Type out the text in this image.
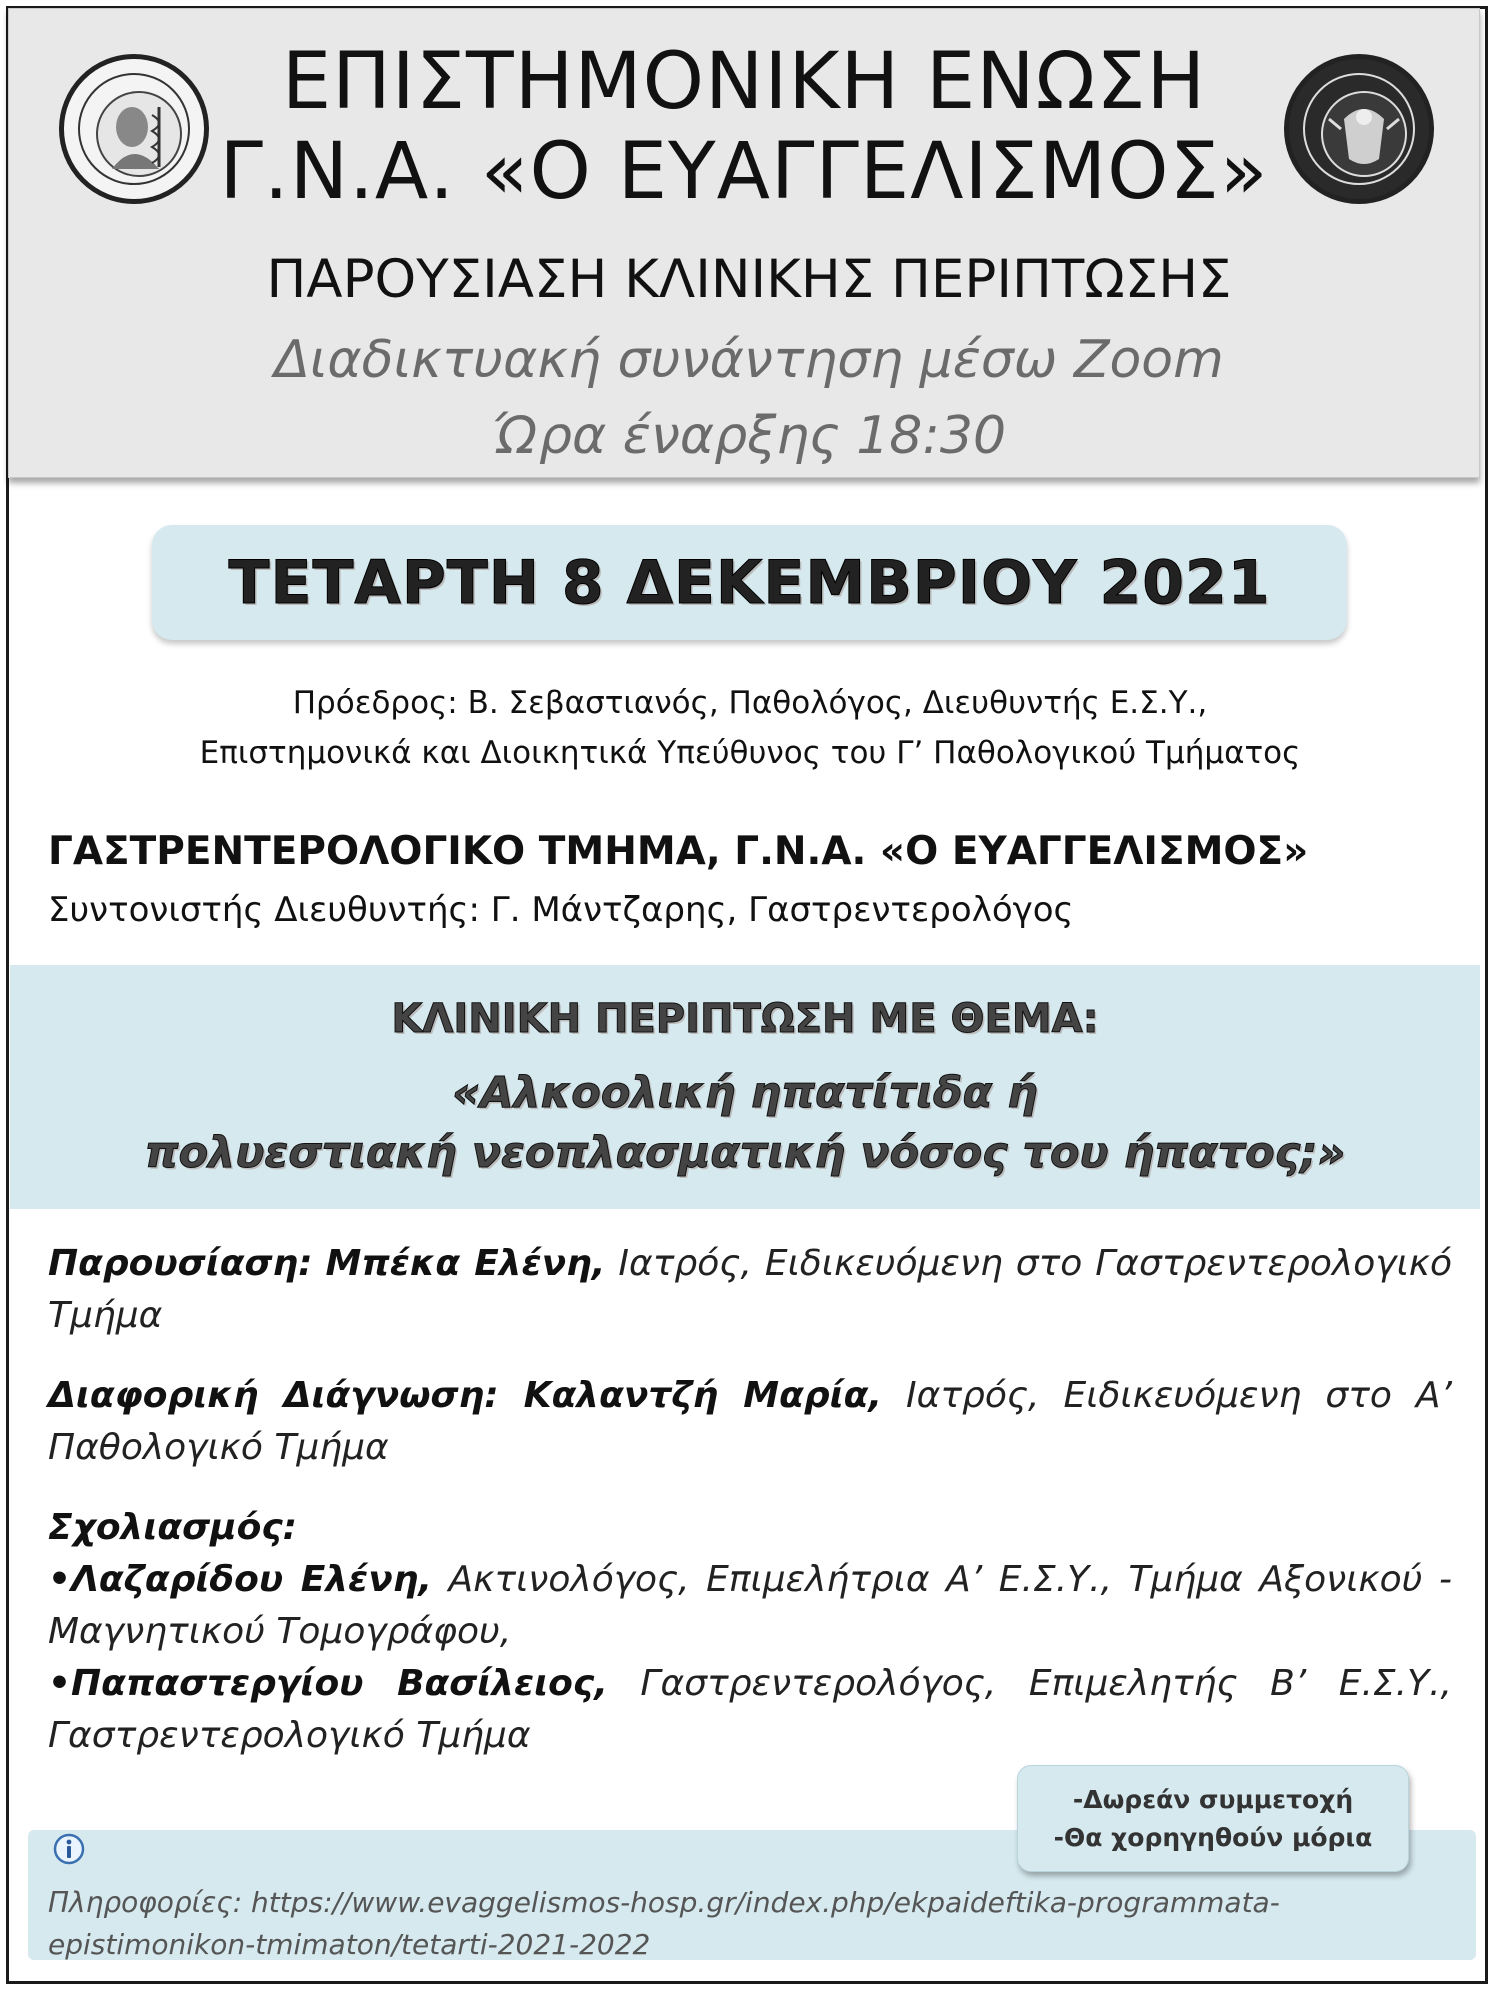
ΕΠΙΣΤΗΜΟΝΙΚΗ ΕΝΩΣΗ
Γ.Ν.Α. «Ο ΕΥΑΓΓΕΛΙΣΜΟΣ»
ΠΑΡΟΥΣΙΑΣΗ ΚΛΙΝΙΚΗΣ ΠΕΡΙΠΤΩΣΗΣ
Διαδικτυακή συνάντηση μέσω Zoom
Ώρα έναρξης 18:30
ΤΕΤΑΡΤΗ 8 ΔΕΚΕΜΒΡΙΟΥ 2021
Πρόεδρος: Β. Σεβαστιανός, Παθολόγος, Διευθυντής Ε.Σ.Υ.,
Επιστημονικά και Διοικητικά Υπεύθυνος του Γ’ Παθολογικού Τμήματος
ΓΑΣΤΡΕΝΤΕΡΟΛΟΓΙΚΟ ΤΜΗΜΑ, Γ.Ν.Α. «Ο ΕΥΑΓΓΕΛΙΣΜΟΣ»
Συντονιστής Διευθυντής: Γ. Μάντζαρης, Γαστρεντερολόγος
ΚΛΙΝΙΚΗ ΠΕΡΙΠΤΩΣΗ ΜΕ ΘΕΜΑ:
«Αλκοολική ηπατίτιδα ή
πολυεστιακή νεοπλασματική νόσος του ήπατος;»
Παρουσίαση: Μπέκα Ελένη, Ιατρός, Ειδικευόμενη στο Γαστρεντερολογικό Τμήμα
Διαφορική Διάγνωση: Καλαντζή Μαρία, Ιατρός, Ειδικευόμενη στο Α’ Παθολογικό Τμήμα
Σχολιασμός:
•Λαζαρίδου Ελένη, Ακτινολόγος, Επιμελήτρια Α’ Ε.Σ.Υ., Τμήμα Αξονικού - Μαγνητικού Τομογράφου,
•Παπαστεργίου Βασίλειος, Γαστρεντερολόγος, Επιμελητής Β’ Ε.Σ.Υ., Γαστρεντερολογικό Τμήμα
Πληροφορίες: https://www.evaggelismos-hosp.gr/index.php/ekpaideftika-programmata-epistimonikon-tmimaton/tetarti-2021-2022
-Δωρεάν συμμετοχή
-Θα χορηγηθούν μόρια
